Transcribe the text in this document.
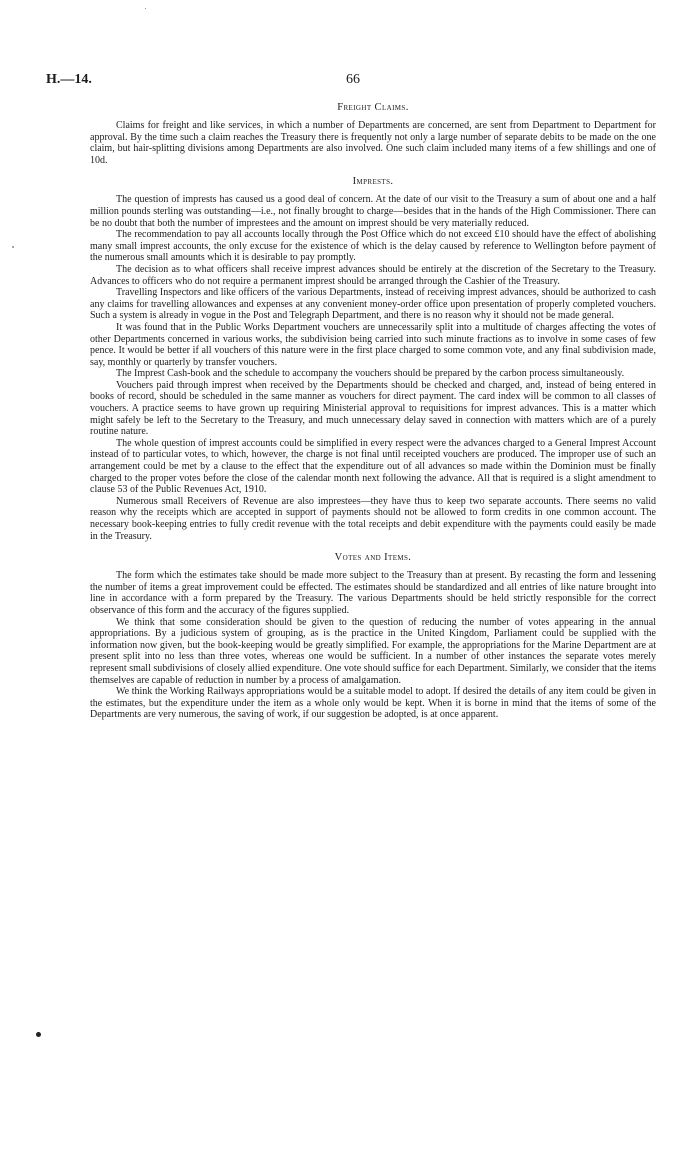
H.—14.	66
Freight Claims.

Claims for freight and like services, in which a number of Departments are concerned, are sent from Department to Department for approval. By the time such a claim reaches the Treasury there is frequently not only a large number of separate debits to be made on the one claim, but hair-splitting divisions among Departments are also involved. One such claim included many items of a few shillings and one of 10d.

Imprests.

The question of imprests has caused us a good deal of concern. At the date of our visit to the Treasury a sum of about one and a half million pounds sterling was outstanding—i.e., not finally brought to charge—besides that in the hands of the High Commissioner. There can be no doubt that both the number of imprestees and the amount on imprest should be very materially reduced.

The recommendation to pay all accounts locally through the Post Office which do not exceed £10 should have the effect of abolishing many small imprest accounts, the only excuse for the existence of which is the delay caused by reference to Wellington before payment of the numerous small amounts which it is desirable to pay promptly.

The decision as to what officers shall receive imprest advances should be entirely at the discretion of the Secretary to the Treasury. Advances to officers who do not require a permanent imprest should be arranged through the Cashier of the Treasury.

Travelling Inspectors and like officers of the various Departments, instead of receiving imprest advances, should be authorized to cash any claims for travelling allowances and expenses at any convenient money-order office upon presentation of properly completed vouchers. Such a system is already in vogue in the Post and Telegraph Department, and there is no reason why it should not be made general.

It was found that in the Public Works Department vouchers are unnecessarily split into a multitude of charges affecting the votes of other Departments concerned in various works, the subdivision being carried into such minute fractions as to involve in some cases of few pence. It would be better if all vouchers of this nature were in the first place charged to some common vote, and any final subdivision made, say, monthly or quarterly by transfer vouchers.

The Imprest Cash-book and the schedule to accompany the vouchers should be prepared by the carbon process simultaneously.

Vouchers paid through imprest when received by the Departments should be checked and charged, and, instead of being entered in books of record, should be scheduled in the same manner as vouchers for direct payment. The card index will be common to all classes of vouchers. A practice seems to have grown up requiring Ministerial approval to requisitions for imprest advances. This is a matter which might safely be left to the Secretary to the Treasury, and much unnecessary delay saved in connection with matters which are of a purely routine nature.

The whole question of imprest accounts could be simplified in every respect were the advances charged to a General Imprest Account instead of to particular votes, to which, however, the charge is not final until receipted vouchers are produced. The improper use of such an arrangement could be met by a clause to the effect that the expenditure out of all advances so made within the Dominion must be finally charged to the proper votes before the close of the calendar month next following the advance. All that is required is a slight amendment to clause 53 of the Public Revenues Act, 1910.

Numerous small Receivers of Revenue are also imprestees—they have thus to keep two separate accounts. There seems no valid reason why the receipts which are accepted in support of payments should not be allowed to form credits in one common account. The necessary book-keeping entries to fully credit revenue with the total receipts and debit expenditure with the payments could easily be made in the Treasury.

Votes and Items.

The form which the estimates take should be made more subject to the Treasury than at present. By recasting the form and lessening the number of items a great improvement could be effected. The estimates should be standardized and all entries of like nature brought into line in accordance with a form prepared by the Treasury. The various Departments should be held strictly responsible for the correct observance of this form and the accuracy of the figures supplied.

We think that some consideration should be given to the question of reducing the number of votes appearing in the annual appropriations. By a judicious system of grouping, as is the practice in the United Kingdom, Parliament could be supplied with the information now given, but the book-keeping would be greatly simplified. For example, the appropriations for the Marine Department are at present split into no less than three votes, whereas one would be sufficient. In a number of other instances the separate votes merely represent small subdivisions of closely allied expenditure. One vote should suffice for each Department. Similarly, we consider that the items themselves are capable of reduction in number by a process of amalgamation.

We think the Working Railways appropriations would be a suitable model to adopt. If desired the details of any item could be given in the estimates, but the expenditure under the item as a whole only would be kept. When it is borne in mind that the items of some of the Departments are very numerous, the saving of work, if our suggestion be adopted, is at once apparent.
